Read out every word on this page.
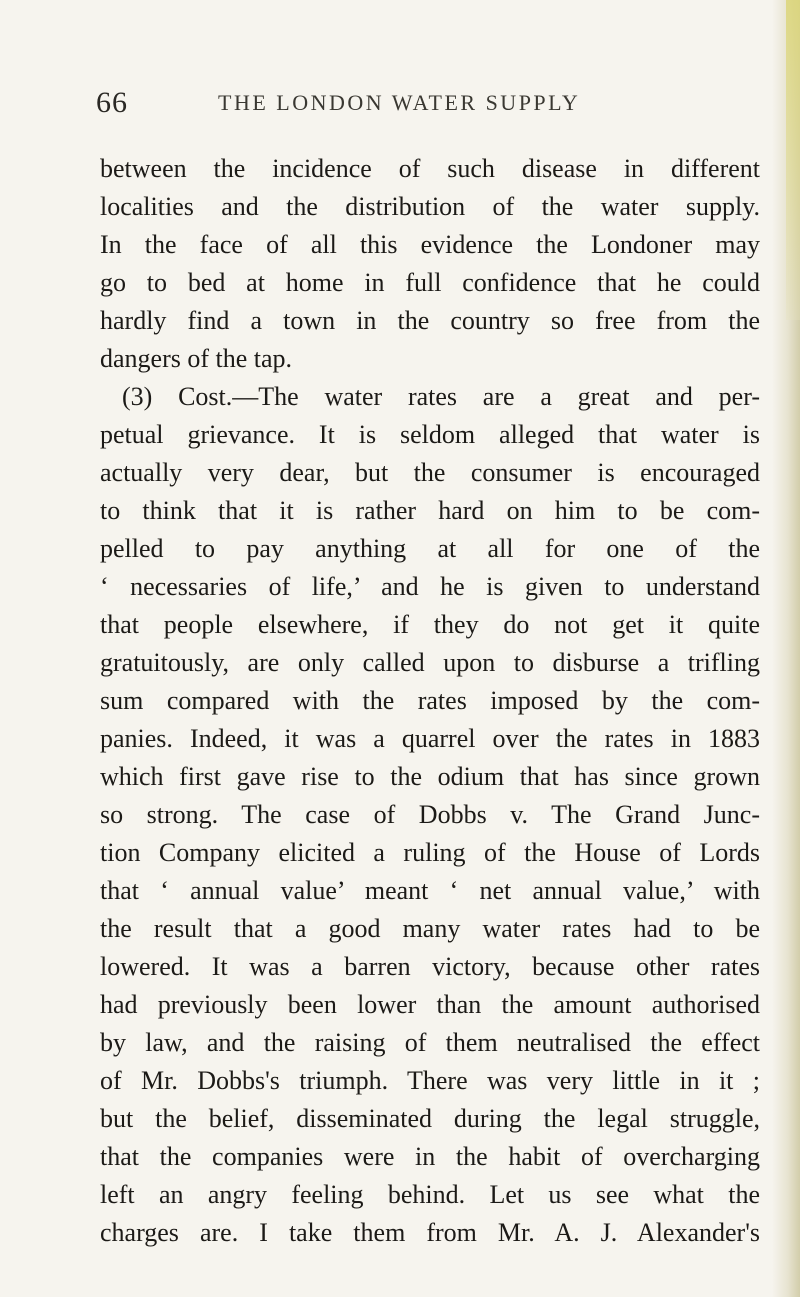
66	THE LONDON WATER SUPPLY
between the incidence of such disease in different
localities and the distribution of the water supply.
In the face of all this evidence the Londoner may
go to bed at home in full confidence that he could
hardly find a town in the country so free from the
dangers of the tap.
(3) Cost.—The water rates are a great and per-
petual grievance. It is seldom alleged that water is
actually very dear, but the consumer is encouraged
to think that it is rather hard on him to be com-
pelled to pay anything at all for one of the
‘ necessaries of life,’ and he is given to understand
that people elsewhere, if they do not get it quite
gratuitously, are only called upon to disburse a trifling
sum compared with the rates imposed by the com-
panies. Indeed, it was a quarrel over the rates in 1883
which first gave rise to the odium that has since grown
so strong. The case of Dobbs v. The Grand Junc-
tion Company elicited a ruling of the House of Lords
that ‘ annual value’ meant ‘ net annual value,’ with
the result that a good many water rates had to be
lowered. It was a barren victory, because other rates
had previously been lower than the amount authorised
by law, and the raising of them neutralised the effect
of Mr. Dobbs's triumph. There was very little in it ;
but the belief, disseminated during the legal struggle,
that the companies were in the habit of overcharging
left an angry feeling behind. Let us see what the
charges are. I take them from Mr. A. J. Alexander's
